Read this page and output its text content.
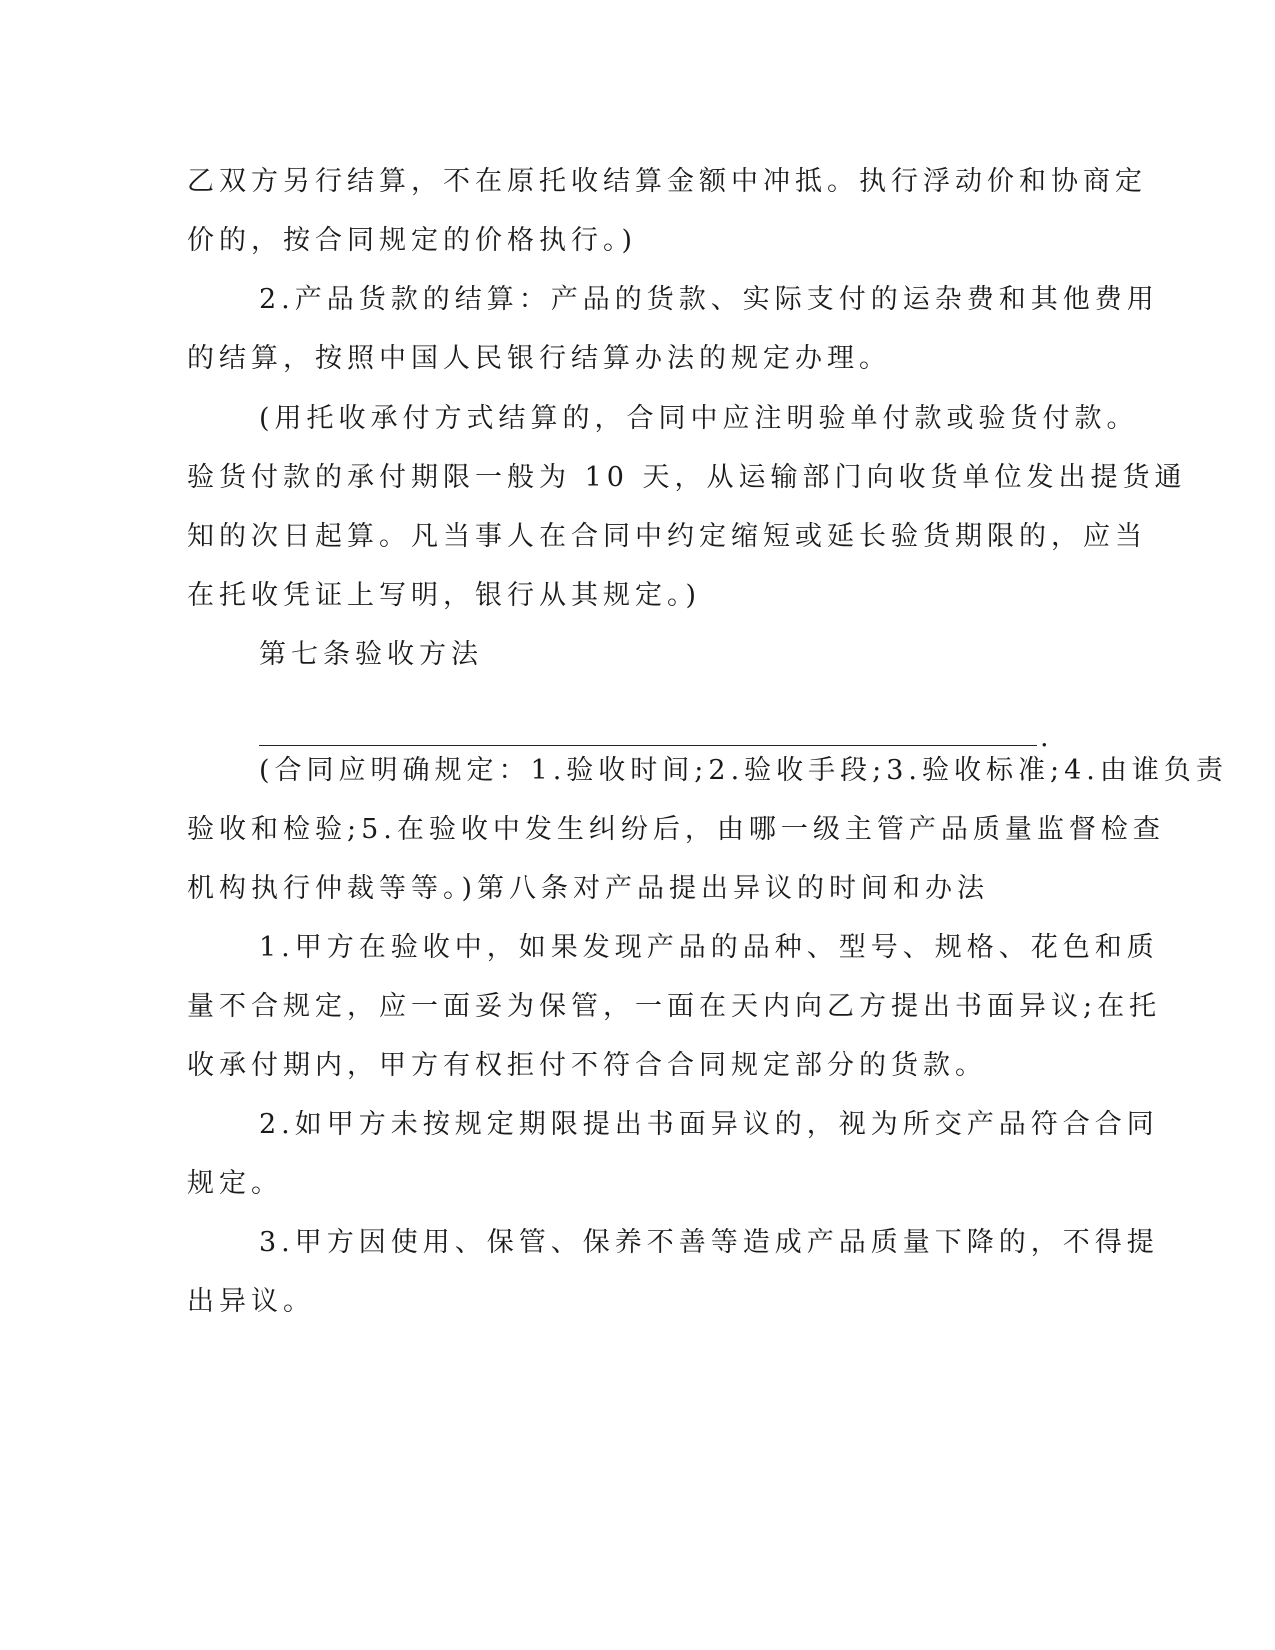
乙双方另行结算，不在原托收结算金额中冲抵。执行浮动价和协商定
价的，按合同规定的价格执行。)
2.产品货款的结算：产品的货款、实际支付的运杂费和其他费用
的结算，按照中国人民银行结算办法的规定办理。
(用托收承付方式结算的，合同中应注明验单付款或验货付款。
验货付款的承付期限一般为 10 天，从运输部门向收货单位发出提货通
知的次日起算。凡当事人在合同中约定缩短或延长验货期限的，应当
在托收凭证上写明，银行从其规定。)
第七条验收方法
.
(合同应明确规定：1.验收时间;2.验收手段;3.验收标准;4.由谁负责
验收和检验;5.在验收中发生纠纷后，由哪一级主管产品质量监督检查
机构执行仲裁等等。)第八条对产品提出异议的时间和办法
1.甲方在验收中，如果发现产品的品种、型号、规格、花色和质
量不合规定，应一面妥为保管，一面在天内向乙方提出书面异议;在托
收承付期内，甲方有权拒付不符合合同规定部分的货款。
2.如甲方未按规定期限提出书面异议的，视为所交产品符合合同
规定。
3.甲方因使用、保管、保养不善等造成产品质量下降的，不得提
出异议。
